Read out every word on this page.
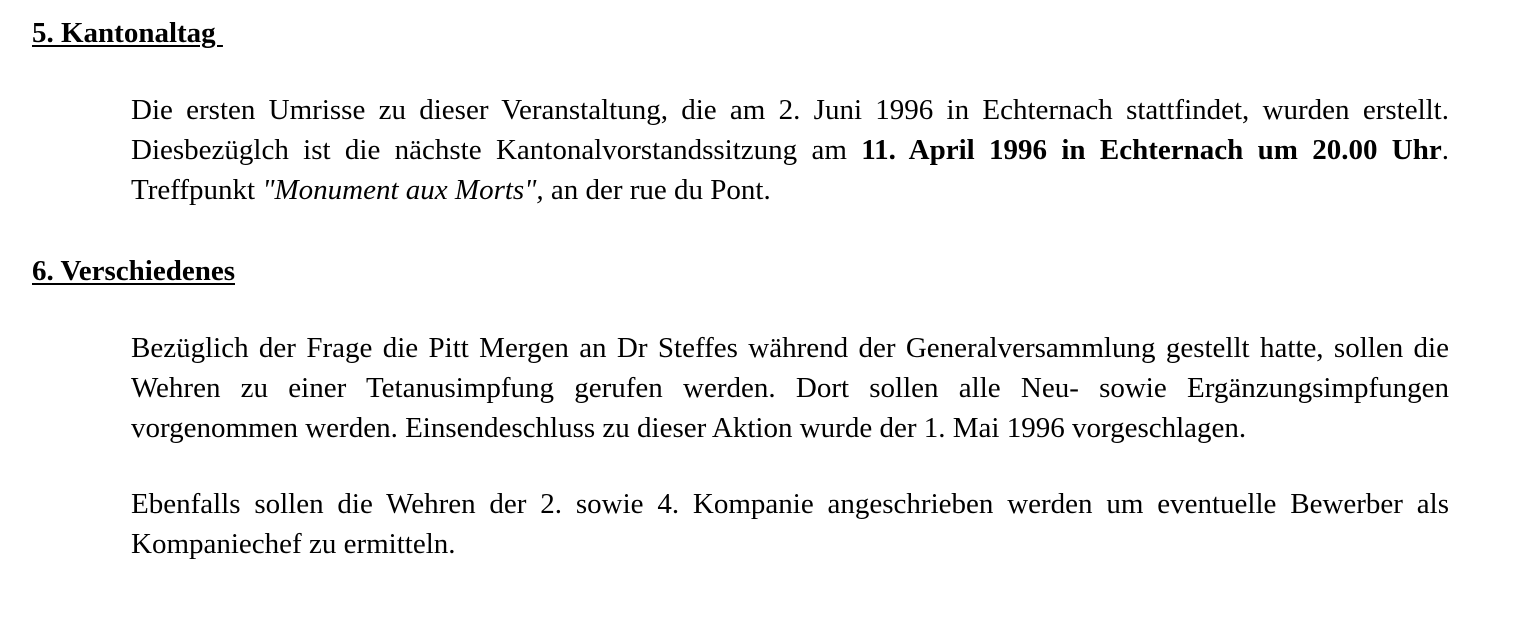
5. Kantonaltag

Die ersten Umrisse zu dieser Veranstaltung, die am 2. Juni 1996 in Echternach stattfindet, wurden erstellt. Diesbezüglch ist die nächste Kantonalvorstandssitzung am 11. April 1996 in Echternach um 20.00 Uhr. Treffpunkt "Monument aux Morts", an der rue du Pont.

6. Verschiedenes

Bezüglich der Frage die Pitt Mergen an Dr Steffes während der Generalversammlung gestellt hatte, sollen die Wehren zu einer Tetanusimpfung gerufen werden. Dort sollen alle Neu- sowie Ergänzungsimpfungen vorgenommen werden. Einsendeschluss zu dieser Aktion wurde der 1. Mai 1996 vorgeschlagen.

Ebenfalls sollen die Wehren der 2. sowie 4. Kompanie angeschrieben werden um eventuelle Bewerber als Kompaniechef zu ermitteln.
